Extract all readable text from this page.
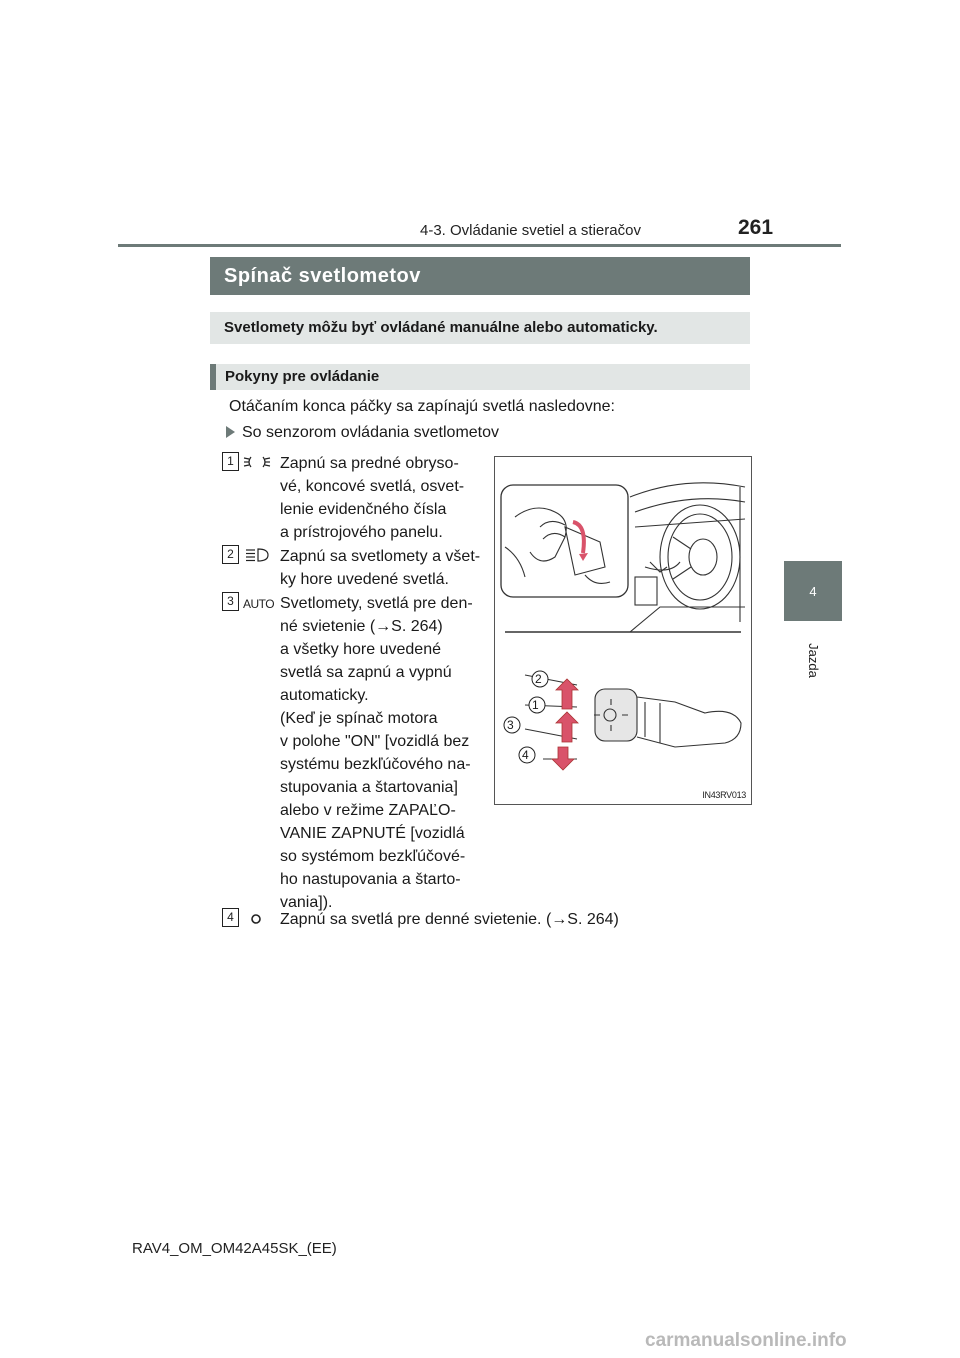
4-3. Ovládanie svetiel a stieračov	261
4
Jazda
Spínač svetlometov
Svetlomety môžu byť ovládané manuálne alebo automaticky.
Pokyny pre ovládanie
Otáčaním konca páčky sa zapínajú svetlá nasledovne:
So senzorom ovládania svetlometov
1	Zapnú sa predné obryso-
vé, koncové svetlá, osvet-
lenie evidenčného čísla
a prístrojového panelu.
2	Zapnú sa svetlomety a všet-
ky hore uvedené svetlá.
3 AUTO Svetlomety, svetlá pre den-
né svietenie (→S. 264)
a všetky hore uvedené
svetlá sa zapnú a vypnú
automaticky.
(Keď je spínač motora
v polohe "ON" [vozidlá bez
systému bezkľúčového na-
stupovania a štartovania]
alebo v režime ZAPAĽO-
VANIE ZAPNUTÉ [vozidlá
so systémom bezkľúčové-
ho nastupovania a štarto-
vania]).
4	Zapnú sa svetlá pre denné svietenie. (→S. 264)
2
1
3
4
IN43RV013
RAV4_OM_OM42A45SK_(EE)
carmanualsonline.info
